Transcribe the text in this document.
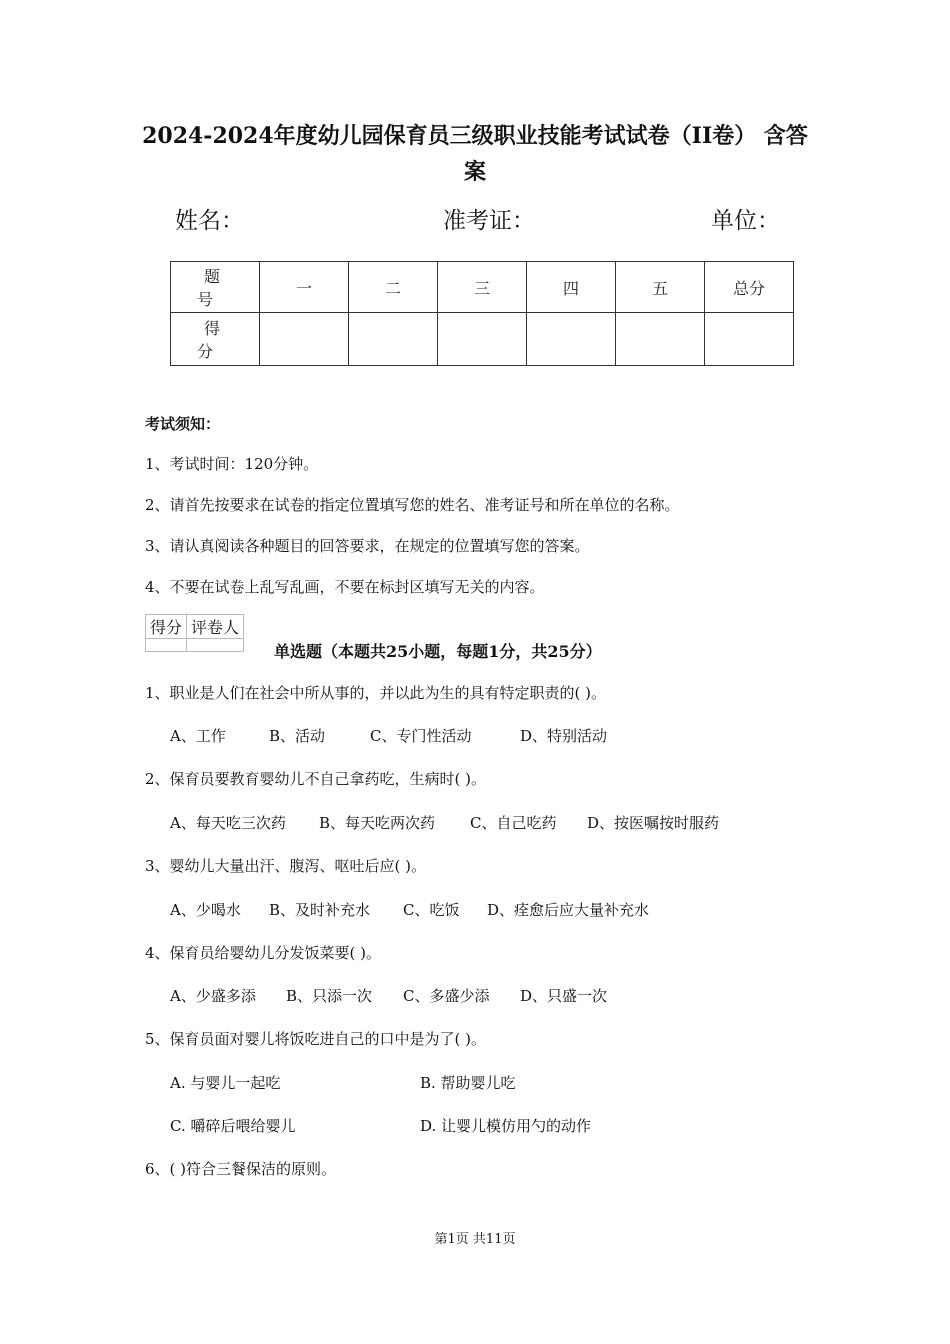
2024-2024年度幼儿园保育员三级职业技能考试试卷（II卷） 含答
案
姓名：	准考证：	单位：
题 号	一	二	三	四	五	总分
得 分						
考试须知：
1、考试时间：120分钟。
2、请首先按要求在试卷的指定位置填写您的姓名、准考证号和所在单位的名称。
3、请认真阅读各种题目的回答要求，在规定的位置填写您的答案。
4、不要在试卷上乱写乱画，不要在标封区填写无关的内容。
得分	评卷人

单选题（本题共25小题，每题1分，共25分）
1、职业是人们在社会中所从事的，并以此为生的具有特定职责的( )。
A、工作	B、活动	C、专门性活动	D、特别活动
2、保育员要教育婴幼儿不自己拿药吃，生病时( )。
A、每天吃三次药 B、每天吃两次药 C、自己吃药 D、按医嘱按时服药
3、婴幼儿大量出汗、腹泻、呕吐后应( )。
A、少喝水 B、及时补充水 C、吃饭 D、痊愈后应大量补充水
4、保育员给婴幼儿分发饭菜要( )。
A、少盛多添 B、只添一次 C、多盛少添 D、只盛一次
5、保育员面对婴儿将饭吃进自己的口中是为了( )。
A. 与婴儿一起吃	B. 帮助婴儿吃
C. 嚼碎后喂给婴儿	D. 让婴儿模仿用勺的动作
6、( )符合三餐保洁的原则。
第1页 共11页
